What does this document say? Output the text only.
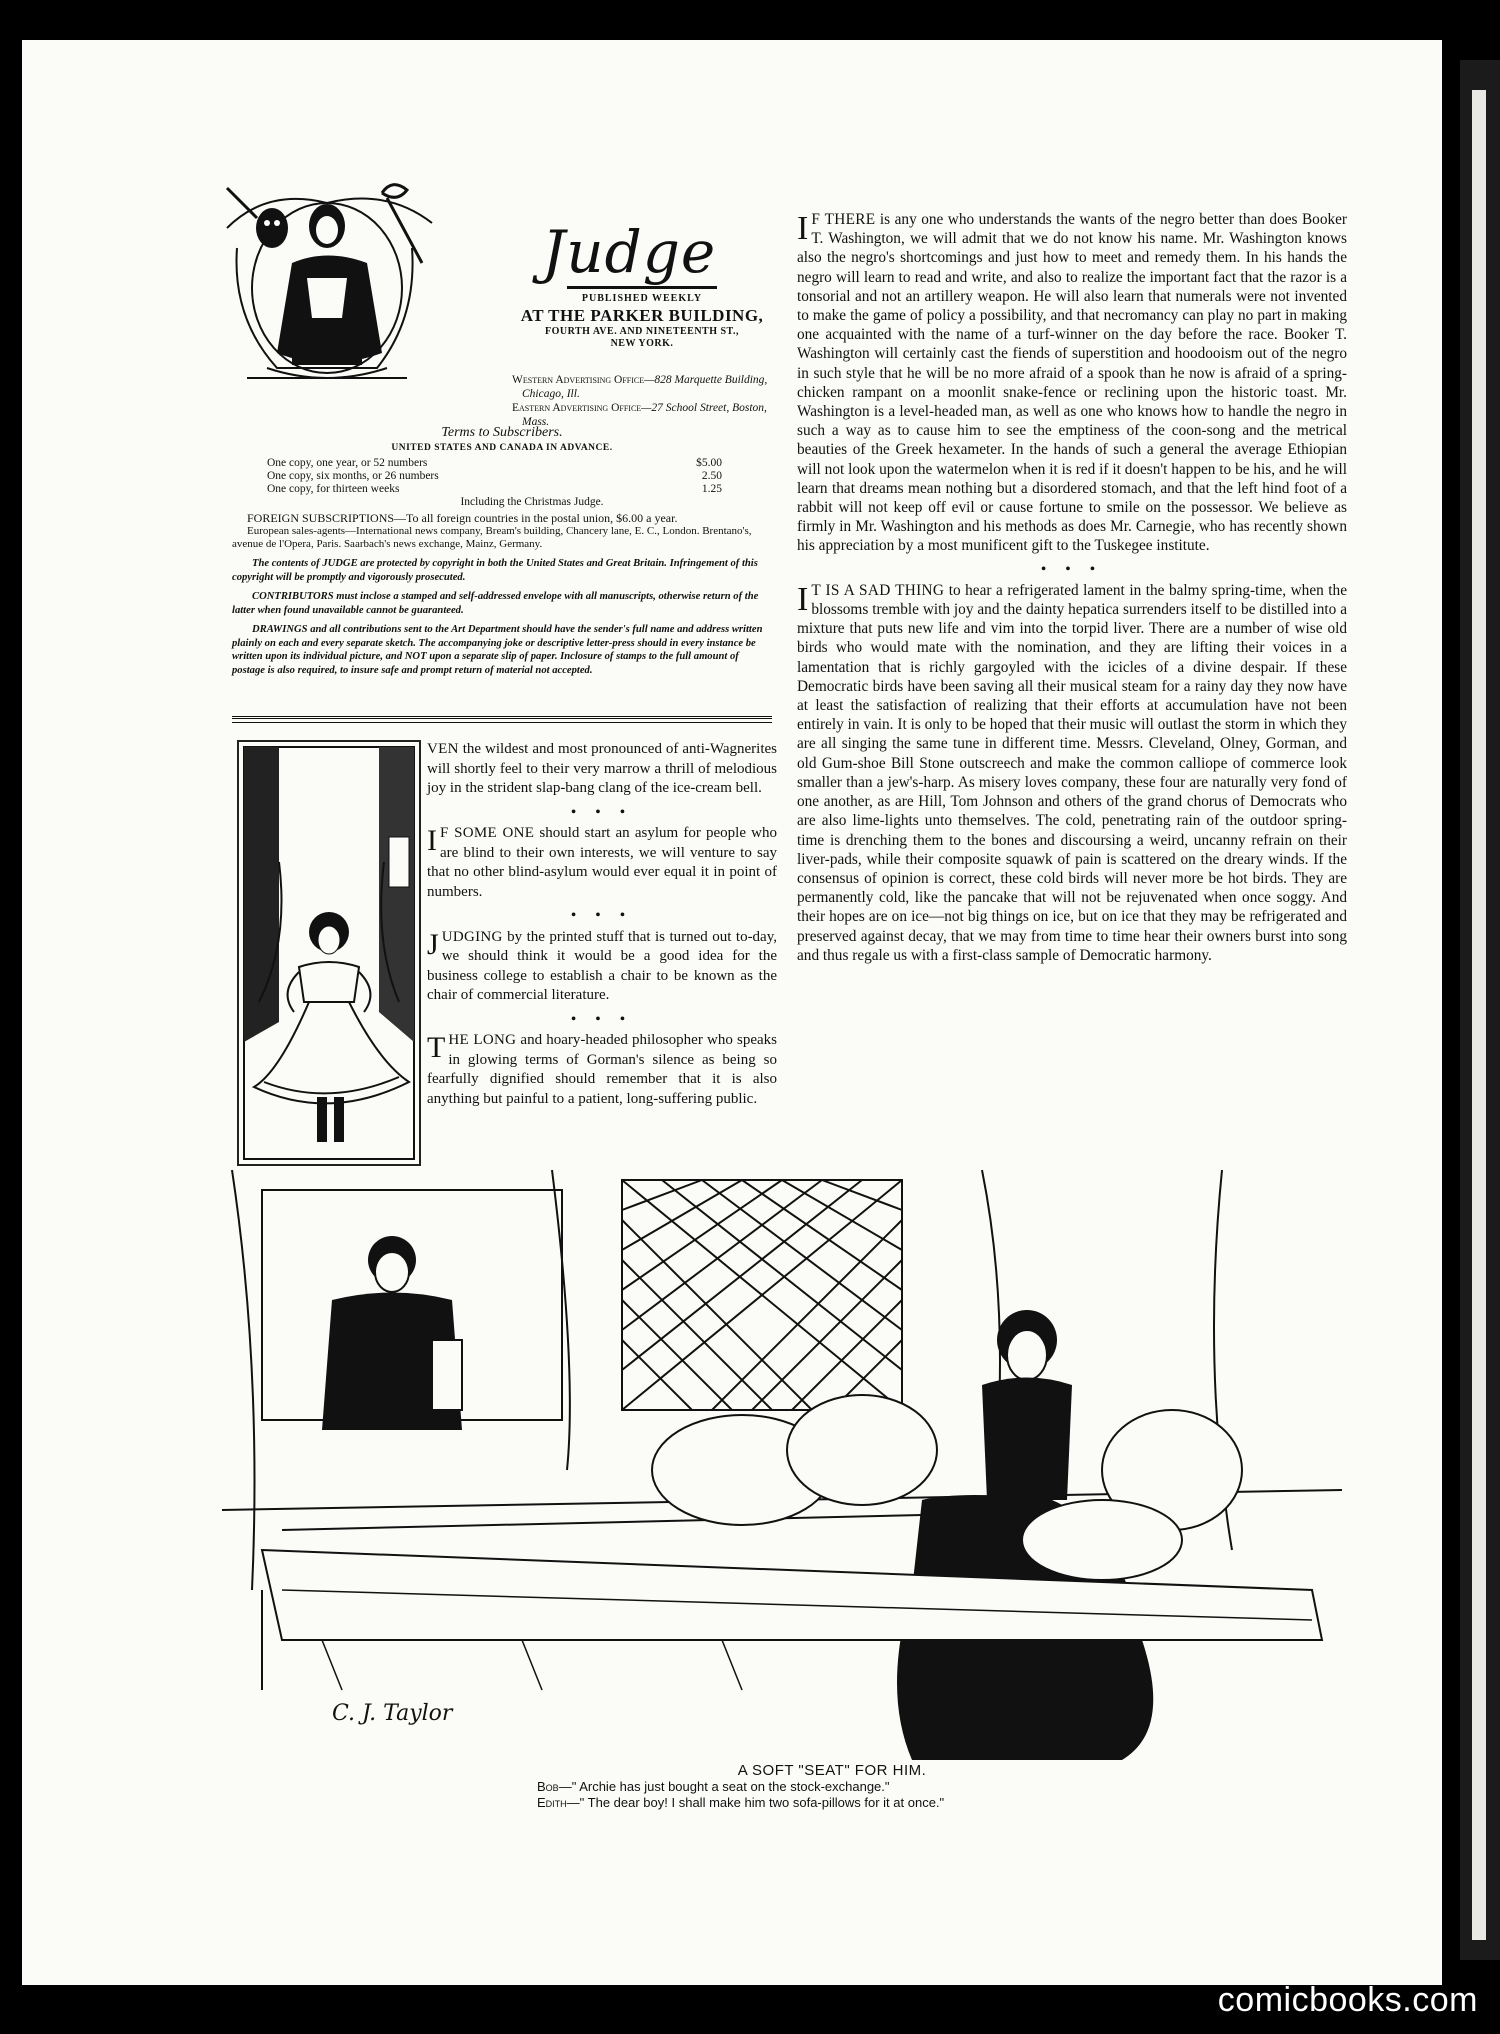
Judge
PUBLISHED WEEKLY
AT THE PARKER BUILDING,
FOURTH AVE. AND NINETEENTH ST.,
NEW YORK.
Western Advertising Office—828 Marquette Building, Chicago, Ill.
Eastern Advertising Office—27 School Street, Boston, Mass.
Terms to Subscribers.
UNITED STATES AND CANADA IN ADVANCE.
One copy, one year, or 52 numbers	$5.00
One copy, six months, or 26 numbers	2.50
One copy, for thirteen weeks	1.25
Including the Christmas Judge.
FOREIGN SUBSCRIPTIONS—To all foreign countries in the postal union, $6.00 a year.
European sales-agents—International news company, Bream's building, Chancery lane, E. C., London. Brentano's, avenue de l'Opera, Paris. Saarbach's news exchange, Mainz, Germany.
The contents of JUDGE are protected by copyright in both the United States and Great Britain. Infringement of this copyright will be promptly and vigorously prosecuted.
CONTRIBUTORS must inclose a stamped and self-addressed envelope with all manuscripts, otherwise return of the latter when found unavailable cannot be guaranteed.
DRAWINGS and all contributions sent to the Art Department should have the sender's full name and address written plainly on each and every separate sketch. The accompanying joke or descriptive letter-press should in every instance be written upon its individual picture, and NOT upon a separate slip of paper. Inclosure of stamps to the full amount of postage is also required, to insure safe and prompt return of material not accepted.

VEN the wildest and most pronounced of anti-Wagnerites will shortly feel to their very marrow a thrill of melodious joy in the strident slap-bang clang of the ice-cream bell.

• • •

I F SOME ONE should start an asylum for people who are blind to their own interests, we will venture to say that no other blind-asylum would ever equal it in point of numbers.

• • •

JUDGING by the printed stuff that is turned out to-day, we should think it would be a good idea for the business college to establish a chair to be known as the chair of commercial literature.

• • •

THE LONG and hoary-headed philosopher who speaks in glowing terms of Gorman's silence as being so fearfully dignified should remember that it is also anything but painful to a patient, long-suffering public.

I F THERE is any one who understands the wants of the negro better than does Booker T. Washington, we will admit that we do not know his name. Mr. Washington knows also the negro's shortcomings and just how to meet and remedy them. In his hands the negro will learn to read and write, and also to realize the important fact that the razor is a tonsorial and not an artillery weapon. He will also learn that numerals were not invented to make the game of policy a possibility, and that necromancy can play no part in making one acquainted with the name of a turf-winner on the day before the race. Booker T. Washington will certainly cast the fiends of superstition and hoodooism out of the negro in such style that he will be no more afraid of a spook than he now is afraid of a spring-chicken rampant on a moonlit snake-fence or reclining upon the historic toast. Mr. Washington is a level-headed man, as well as one who knows how to handle the negro in such a way as to cause him to see the emptiness of the coon-song and the metrical beauties of the Greek hexameter. In the hands of such a general the average Ethiopian will not look upon the watermelon when it is red if it doesn't happen to be his, and he will learn that dreams mean nothing but a disordered stomach, and that the left hind foot of a rabbit will not keep off evil or cause fortune to smile on the possessor. We believe as firmly in Mr. Washington and his methods as does Mr. Carnegie, who has recently shown his appreciation by a most munificent gift to the Tuskegee institute.

• • •

I T IS A SAD THING to hear a refrigerated lament in the balmy spring-time, when the blossoms tremble with joy and the dainty hepatica surrenders itself to be distilled into a mixture that puts new life and vim into the torpid liver. There are a number of wise old birds who would mate with the nomination, and they are lifting their voices in a lamentation that is richly gargoyled with the icicles of a divine despair. If these Democratic birds have been saving all their musical steam for a rainy day they now have at least the satisfaction of realizing that their efforts at accumulation have not been entirely in vain. It is only to be hoped that their music will outlast the storm in which they are all singing the same tune in different time. Messrs. Cleveland, Olney, Gorman, and old Gum-shoe Bill Stone outscreech and make the common calliope of commerce look smaller than a jew's-harp. As misery loves company, these four are naturally very fond of one another, as are Hill, Tom Johnson and others of the grand chorus of Democrats who are also lime-lights unto themselves. The cold, penetrating rain of the outdoor spring-time is drenching them to the bones and discoursing a weird, uncanny refrain on their liver-pads, while their composite squawk of pain is scattered on the dreary winds. If the consensus of opinion is correct, these cold birds will never more be hot birds. They are permanently cold, like the pancake that will not be rejuvenated when once soggy. And their hopes are on ice—not big things on ice, but on ice that they may be refrigerated and preserved against decay, that we may from time to time hear their owners burst into song and thus regale us with a first-class sample of Democratic harmony.

C. J. Taylor
A SOFT "SEAT" FOR HIM.
Bob—" Archie has just bought a seat on the stock-exchange."
Edith—" The dear boy! I shall make him two sofa-pillows for it at once."
comicbooks.com
